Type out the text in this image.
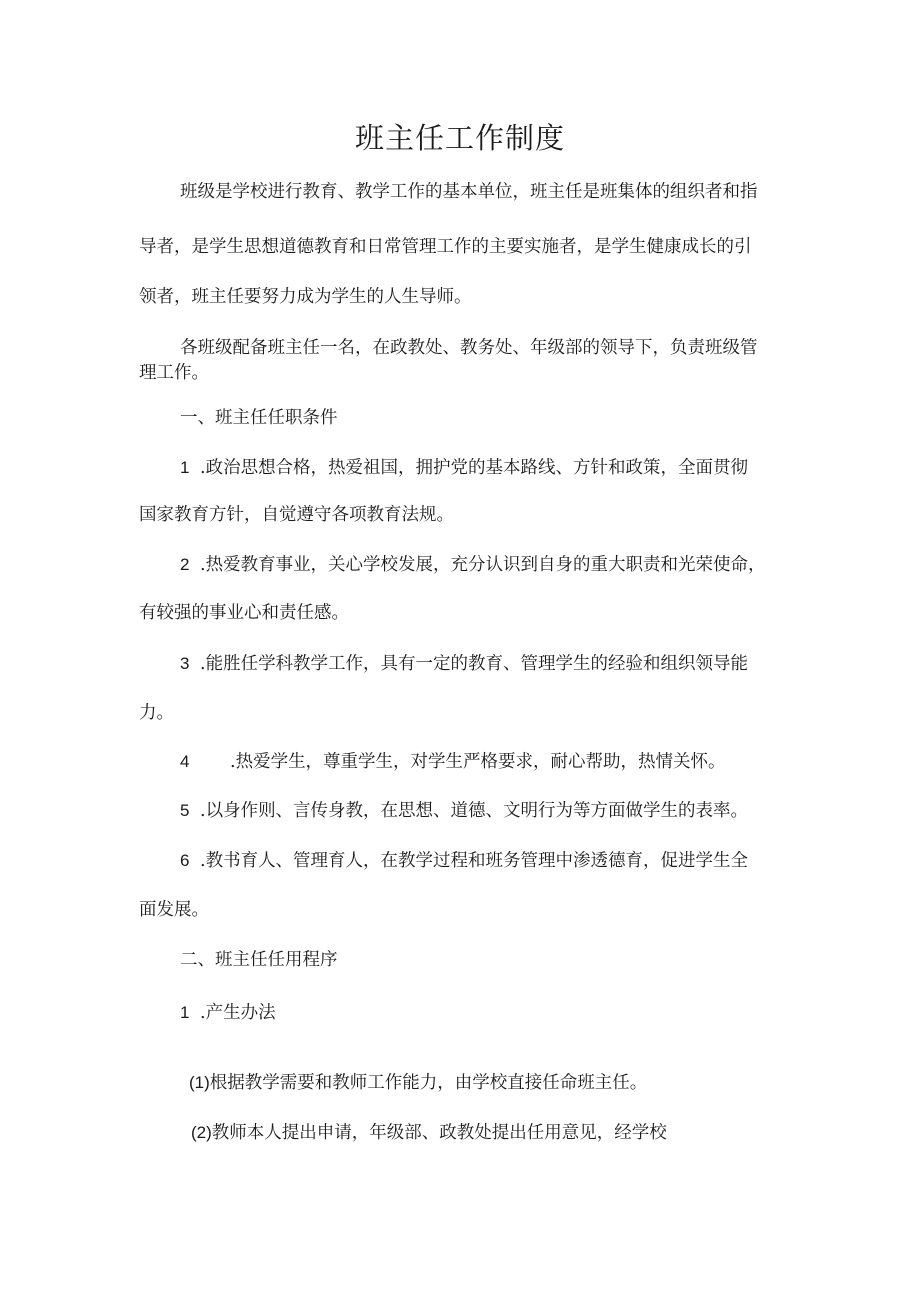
班主任工作制度
班级是学校进行教育、教学工作的基本单位，班主任是班集体的组织者和指
导者，是学生思想道德教育和日常管理工作的主要实施者，是学生健康成长的引
领者，班主任要努力成为学生的人生导师。
各班级配备班主任一名，在政教处、教务处、年级部的领导下，负责班级管
理工作。
一、班主任任职条件
1 .政治思想合格，热爱祖国，拥护党的基本路线、方针和政策，全面贯彻
国家教育方针，自觉遵守各项教育法规。
2 .热爱教育事业，关心学校发展，充分认识到自身的重大职责和光荣使命，
有较强的事业心和责任感。
3 .能胜任学科教学工作，具有一定的教育、管理学生的经验和组织领导能
力。
4 .热爱学生，尊重学生，对学生严格要求，耐心帮助，热情关怀。
5 .以身作则、言传身教，在思想、道德、文明行为等方面做学生的表率。
6 .教书育人、管理育人，在教学过程和班务管理中渗透德育，促进学生全
面发展。
二、班主任任用程序
1 .产生办法
(1)根据教学需要和教师工作能力，由学校直接任命班主任。
(2)教师本人提出申请，年级部、政教处提出任用意见，经学校
